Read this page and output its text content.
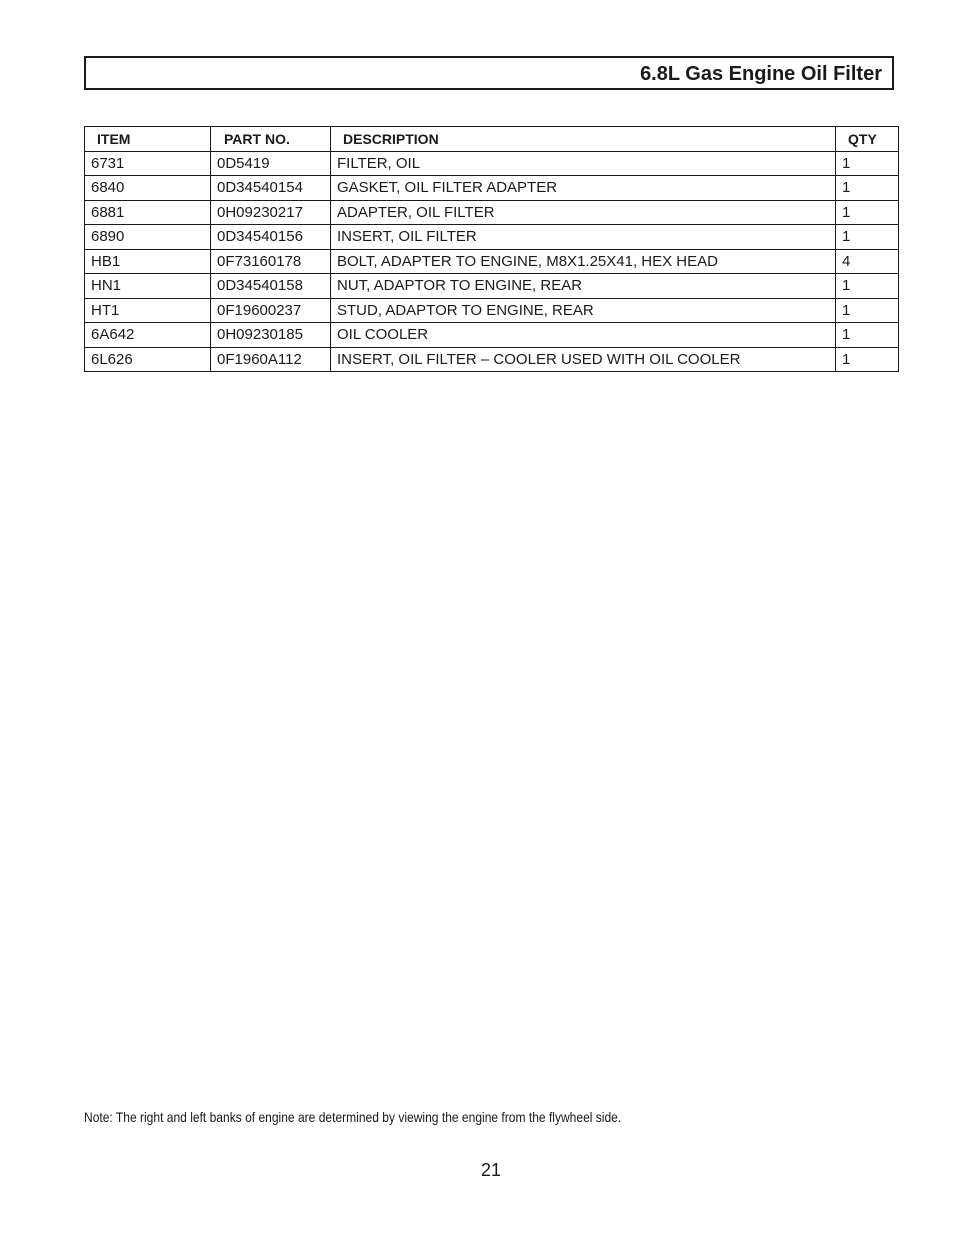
6.8L Gas Engine Oil Filter
ITEM	PART NO.	DESCRIPTION	QTY
6731	0D5419	FILTER, OIL	1
6840	0D34540154	GASKET, OIL FILTER ADAPTER	1
6881	0H09230217	ADAPTER, OIL FILTER	1
6890	0D34540156	INSERT, OIL FILTER	1
HB1	0F73160178	BOLT, ADAPTER TO ENGINE, M8X1.25X41, HEX HEAD	4
HN1	0D34540158	NUT, ADAPTOR TO ENGINE, REAR	1
HT1	0F19600237	STUD, ADAPTOR TO ENGINE, REAR	1
6A642	0H09230185	OIL COOLER	1
6L626	0F1960A112	INSERT, OIL FILTER – COOLER USED WITH OIL COOLER	1
Note: The right and left banks of engine are determined by viewing the engine from the flywheel side.
21
